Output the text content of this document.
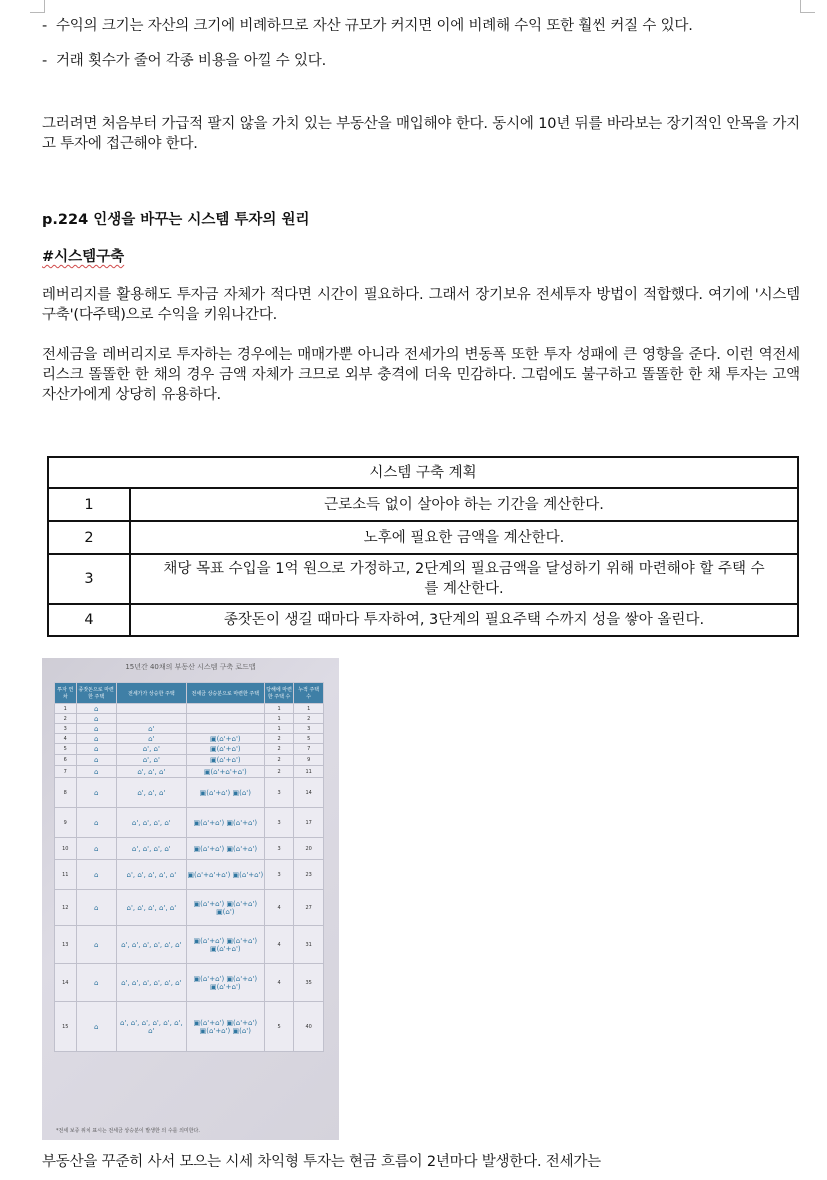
- 수익의 크기는 자산의 크기에 비례하므로 자산 규모가 커지면 이에 비례해 수익 또한 훨씬 커질 수 있다.

- 거래 횟수가 줄어 각종 비용을 아낄 수 있다.

그러려면 처음부터 가급적 팔지 않을 가치 있는 부동산을 매입해야 한다. 동시에 10년 뒤를 바라보는 장기적인 안목을 가지고 투자에 접근해야 한다.

p.224 인생을 바꾸는 시스템 투자의 원리

#시스템구축

레버리지를 활용해도 투자금 자체가 적다면 시간이 필요하다. 그래서 장기보유 전세투자 방법이 적합했다. 여기에 '시스템 구축'(다주택)으로 수익을 키워나간다.

전세금을 레버리지로 투자하는 경우에는 매매가뿐 아니라 전세가의 변동폭 또한 투자 성패에 큰 영향을 준다. 이런 역전세 리스크 똘똘한 한 채의 경우 금액 자체가 크므로 외부 충격에 더욱 민감하다. 그럼에도 불구하고 똘똘한 한 채 투자는 고액 자산가에게 상당히 유용하다.

시스템 구축 계획	
1	근로소득 없이 살아야 하는 기간을 계산한다.
2	노후에 필요한 금액을 계산한다.
3	채당 목표 수입을 1억 원으로 가정하고, 2단계의 필요금액을 달성하기 위해 마련해야 할 주택 수를 계산한다.
4	종잣돈이 생길 때마다 투자하여, 3단계의 필요주택 수까지 성을 쌓아 올린다.
15년간 40채의 부동산 시스템 구축 로드맵
투자 연차	종잣돈으로 마련한 주택	전세가가 상승한 주택	전세금 상승분으로 마련한 주택	당해에 마련한 주택 수	누적 주택 수
1	⌂			1	1
2	⌂			1	2
3	⌂	⌂'		1	3
4	⌂	⌂'	▣(⌂'+⌂')	2	5
5	⌂	⌂', ⌂'	▣(⌂'+⌂')	2	7
6	⌂	⌂', ⌂'	▣(⌂'+⌂')	2	9
7	⌂	⌂', ⌂', ⌂'	▣(⌂'+⌂'+⌂')	2	11
8	⌂	⌂', ⌂', ⌂'	▣(⌂'+⌂') ▣(⌂')	3	14
9	⌂	⌂', ⌂', ⌂', ⌂'	▣(⌂'+⌂') ▣(⌂'+⌂')	3	17
10	⌂	⌂', ⌂', ⌂', ⌂'	▣(⌂'+⌂') ▣(⌂'+⌂')	3	20
11	⌂	⌂', ⌂', ⌂', ⌂', ⌂'	▣(⌂'+⌂'+⌂') ▣(⌂'+⌂')	3	23
12	⌂	⌂', ⌂', ⌂', ⌂', ⌂'	▣(⌂'+⌂') ▣(⌂'+⌂') ▣(⌂')	4	27
13	⌂	⌂', ⌂', ⌂', ⌂', ⌂', ⌂'	▣(⌂'+⌂') ▣(⌂'+⌂') ▣(⌂'+⌂')	4	31
14	⌂	⌂', ⌂', ⌂', ⌂', ⌂', ⌂'	▣(⌂'+⌂') ▣(⌂'+⌂') ▣(⌂'+⌂')	4	35
15	⌂	⌂', ⌂', ⌂', ⌂', ⌂', ⌂', ⌂'	▣(⌂'+⌂') ▣(⌂'+⌂') ▣(⌂'+⌂') ▣(⌂')	5	40
*전세 보증 위치 표시는 전세금 상승분이 발생한 의 수를 의미한다.

부동산을 꾸준히 사서 모으는 시세 차익형 투자는 현금 흐름이 2년마다 발생한다. 전세가는
